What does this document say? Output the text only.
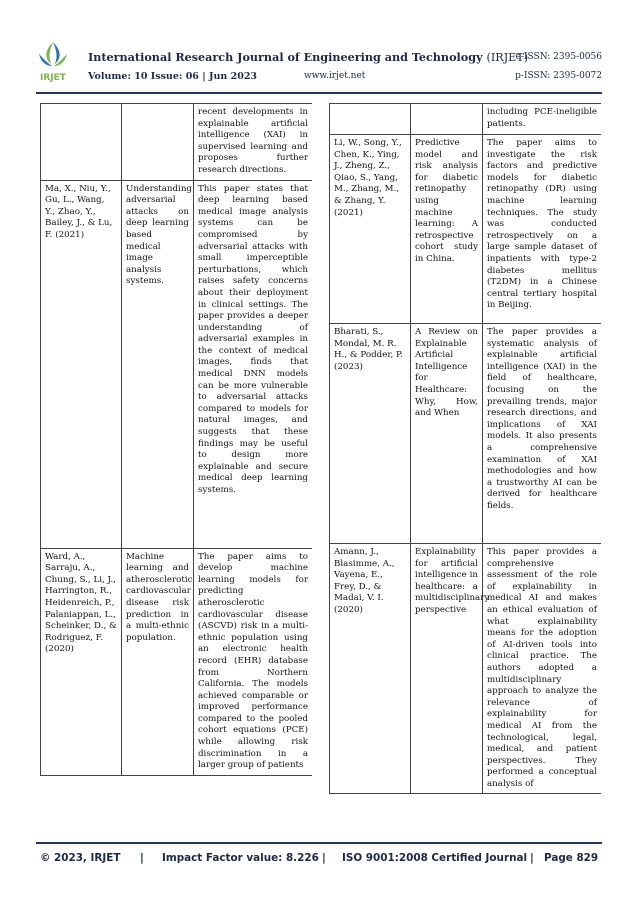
IRJET
International Research Journal of Engineering and Technology (IRJET)
e-ISSN: 2395-0056
Volume: 10 Issue: 06 | Jun 2023	www.irjet.net	p-ISSN: 2395-0072
		recent developments in explainable artificial intelligence (XAI) in supervised learning and proposes further research directions.
Ma, X., Niu, Y., Gu, L., Wang, Y., Zhao, Y., Bailey, J., & Lu, F. (2021)	Understanding adversarial attacks on deep learning based medical image analysis systems.	This paper states that deep learning based medical image analysis systems can be compromised by adversarial attacks with small imperceptible perturbations, which raises safety concerns about their deployment in clinical settings. The paper provides a deeper understanding of adversarial examples in the context of medical images, finds that medical DNN models can be more vulnerable to adversarial attacks compared to models for natural images, and suggests that these findings may be useful to design more explainable and secure medical deep learning systems.
Ward, A., Sarraju, A., Chung, S., Li, J., Harrington, R., Heidenreich, P., Palaniappan, L., Scheinker, D., & Rodriguez, F. (2020)	Machine learning and atherosclerotic cardiovascular disease risk prediction in a multi-ethnic population.	The paper aims to develop machine learning models for predicting atherosclerotic cardiovascular disease (ASCVD) risk in a multi-ethnic population using an electronic health record (EHR) database from Northern California. The models achieved comparable or improved performance compared to the pooled cohort equations (PCE) while allowing risk discrimination in a larger group of patients
		including PCE-ineligible patients.
Li, W., Song, Y., Chen, K., Ying, J., Zheng, Z., Qiao, S., Yang, M., Zhang, M., & Zhang, Y. (2021)	Predictive model and risk analysis for diabetic retinopathy using machine learning: A retrospective cohort study in China.	The paper aims to investigate the risk factors and predictive models for diabetic retinopathy (DR) using machine learning techniques. The study was conducted retrospectively on a large sample dataset of inpatients with type-2 diabetes mellitus (T2DM) in a Chinese central tertiary hospital in Beijing.
Bharati, S., Mondal, M. R. H., & Podder, P. (2023)	A Review on Explainable Artificial Intelligence for Healthcare: Why, How, and When	The paper provides a systematic analysis of explainable artificial intelligence (XAI) in the field of healthcare, focusing on the prevailing trends, major research directions, and implications of XAI models. It also presents a comprehensive examination of XAI methodologies and how a trustworthy AI can be derived for healthcare fields.
Amann, J., Blasimme, A., Vayena, E., Frey, D., & Madai, V. I. (2020)	Explainability for artificial intelligence in healthcare: a multidisciplinary perspective	This paper provides a comprehensive assessment of the role of explainability in medical AI and makes an ethical evaluation of what explainability means for the adoption of AI-driven tools into clinical practice. The authors adopted a multidisciplinary approach to analyze the relevance of explainability for medical AI from the technological, legal, medical, and patient perspectives. They performed a conceptual analysis of
© 2023, IRJET | Impact Factor value: 8.226 | ISO 9001:2008 Certified Journal | Page 829
